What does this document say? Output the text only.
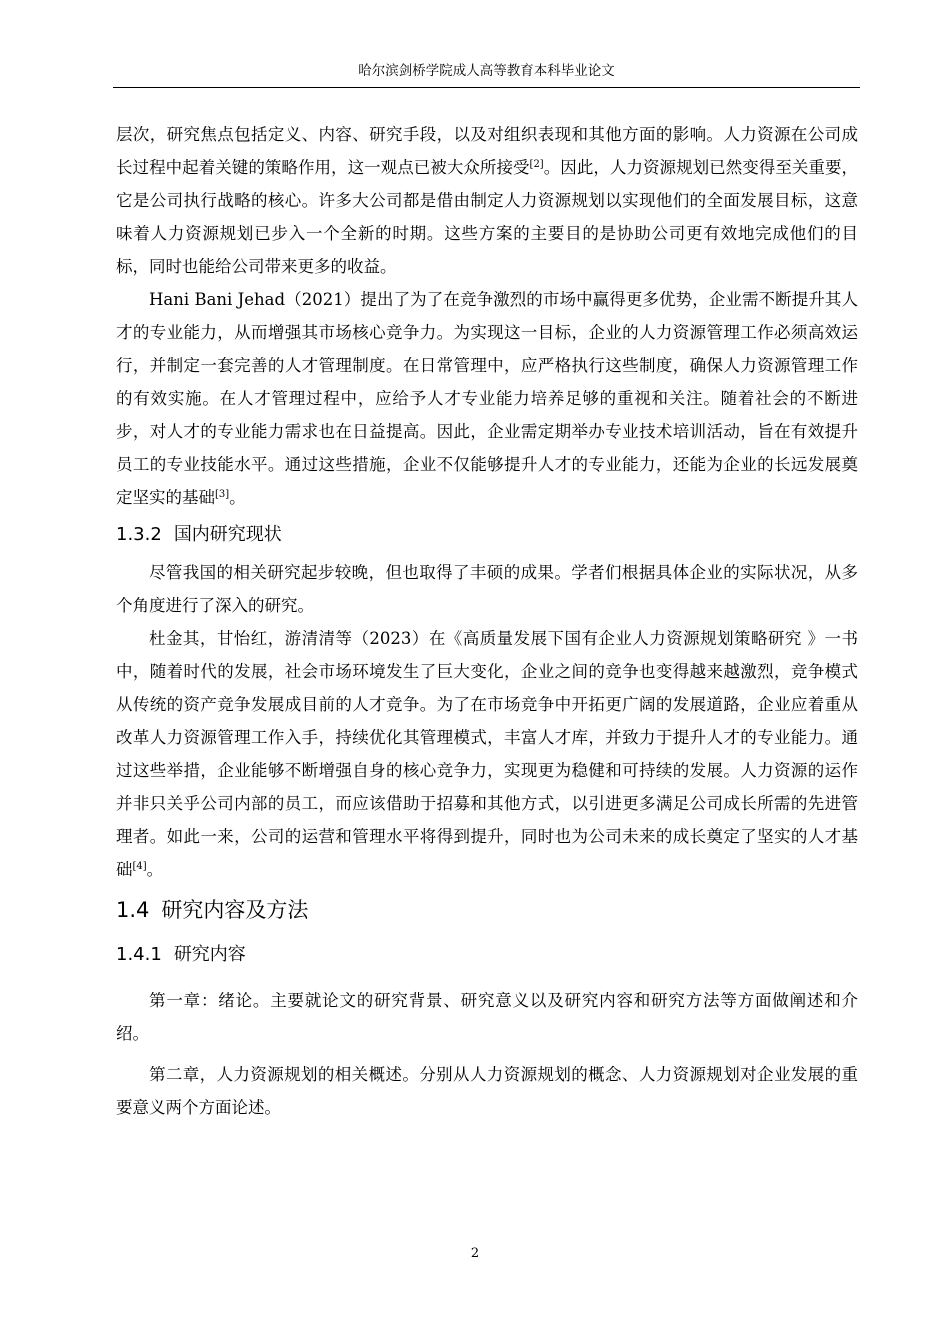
哈尔滨剑桥学院成人高等教育本科毕业论文

层次，研究焦点包括定义、内容、研究手段，以及对组织表现和其他方面的影响。人力资源在公司成长过程中起着关键的策略作用，这一观点已被大众所接受[2]。因此，人力资源规划已然变得至关重要，它是公司执行战略的核心。许多大公司都是借由制定人力资源规划以实现他们的全面发展目标，这意味着人力资源规划已步入一个全新的时期。这些方案的主要目的是协助公司更有效地完成他们的目标，同时也能给公司带来更多的收益。

Hani Bani Jehad（2021）提出了为了在竞争激烈的市场中赢得更多优势，企业需不断提升其人才的专业能力，从而增强其市场核心竞争力。为实现这一目标，企业的人力资源管理工作必须高效运行，并制定一套完善的人才管理制度。在日常管理中，应严格执行这些制度，确保人力资源管理工作的有效实施。在人才管理过程中，应给予人才专业能力培养足够的重视和关注。随着社会的不断进步，对人才的专业能力需求也在日益提高。因此，企业需定期举办专业技术培训活动，旨在有效提升员工的专业技能水平。通过这些措施，企业不仅能够提升人才的专业能力，还能为企业的长远发展奠定坚实的基础[3]。

1.3.2 国内研究现状

尽管我国的相关研究起步较晚，但也取得了丰硕的成果。学者们根据具体企业的实际状况，从多个角度进行了深入的研究。

杜金其，甘怡红，游清清等（2023）在《高质量发展下国有企业人力资源规划策略研究 》一书中，随着时代的发展，社会市场环境发生了巨大变化，企业之间的竞争也变得越来越激烈，竞争模式从传统的资产竞争发展成目前的人才竞争。为了在市场竞争中开拓更广阔的发展道路，企业应着重从改革人力资源管理工作入手，持续优化其管理模式，丰富人才库，并致力于提升人才的专业能力。通过这些举措，企业能够不断增强自身的核心竞争力，实现更为稳健和可持续的发展。人力资源的运作并非只关乎公司内部的员工，而应该借助于招募和其他方式，以引进更多满足公司成长所需的先进管理者。如此一来，公司的运营和管理水平将得到提升，同时也为公司未来的成长奠定了坚实的人才基础[4]。

1.4 研究内容及方法
1.4.1 研究内容

第一章：绪论。主要就论文的研究背景、研究意义以及研究内容和研究方法等方面做阐述和介绍。

第二章，人力资源规划的相关概述。分别从人力资源规划的概念、人力资源规划对企业发展的重要意义两个方面论述。

2
